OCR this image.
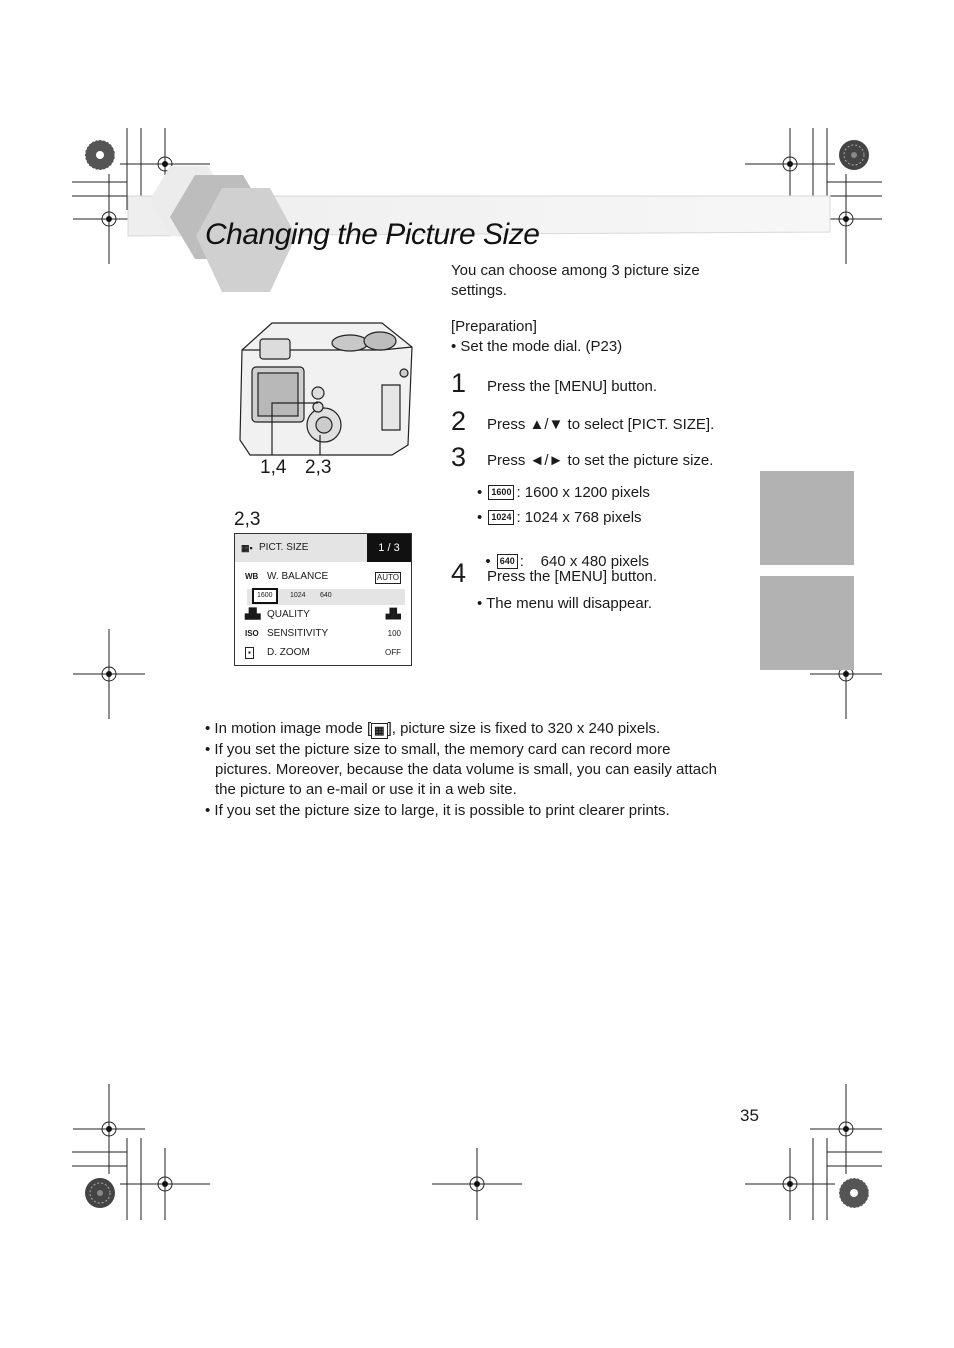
Changing the Picture Size
1,4 2,3
2,3
▦▪ PICT. SIZE	1 / 3
WB W. BALANCE	AUTO
1600	1024	640
▟▙ QUALITY	▟▙
ISO SENSITIVITY	100
▪	D. ZOOM	OFF
You can choose among 3 picture size
settings.
[Preparation]
• Set the mode dial. (P23)
1 Press the [MENU] button.
2 Press ▲/▼ to select [PICT. SIZE].
3 Press ◄/► to set the picture size.
• 1600 : 1600 x 1200 pixels
• 1024 : 1024 x 768 pixels

• 640 :    640 x 480 pixels

4 Press the [MENU] button.
• The menu will disappear.
• In motion image mode [ ▦ ], picture size is fixed to 320 x 240 pixels.
• If you set the picture size to small, the memory card can record more
pictures. Moreover, because the data volume is small, you can easily attach
the picture to an e-mail or use it in a web site.
• If you set the picture size to large, it is possible to print clearer prints.
35
